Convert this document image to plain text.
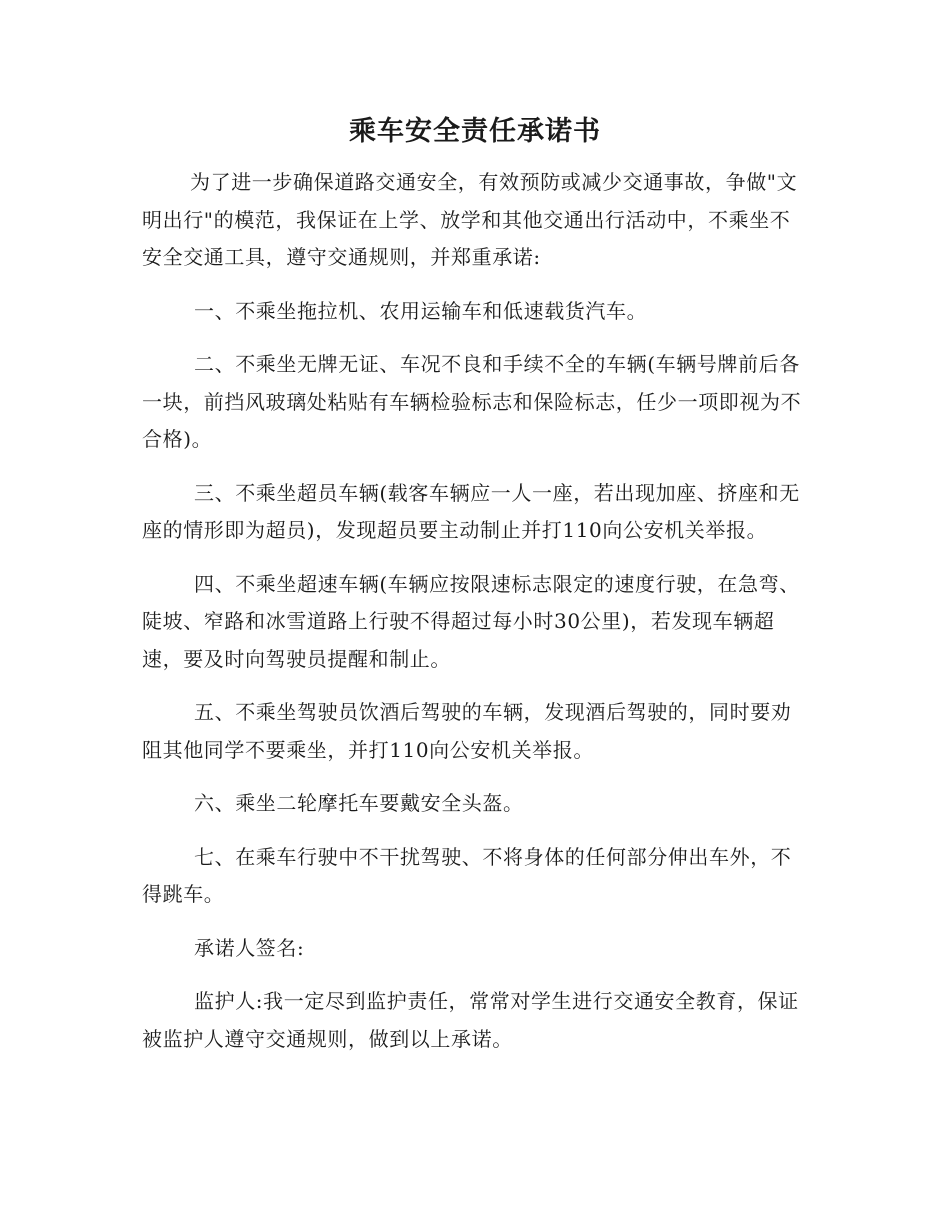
乘车安全责任承诺书

为了进一步确保道路交通安全，有效预防或减少交通事故，争做"文明出行"的模范，我保证在上学、放学和其他交通出行活动中，不乘坐不安全交通工具，遵守交通规则，并郑重承诺:

一、不乘坐拖拉机、农用运输车和低速载货汽车。

二、不乘坐无牌无证、车况不良和手续不全的车辆(车辆号牌前后各一块，前挡风玻璃处粘贴有车辆检验标志和保险标志，任少一项即视为不合格)。

三、不乘坐超员车辆(载客车辆应一人一座，若出现加座、挤座和无座的情形即为超员)，发现超员要主动制止并打110向公安机关举报。

四、不乘坐超速车辆(车辆应按限速标志限定的速度行驶，在急弯、陡坡、窄路和冰雪道路上行驶不得超过每小时30公里)，若发现车辆超速，要及时向驾驶员提醒和制止。

五、不乘坐驾驶员饮酒后驾驶的车辆，发现酒后驾驶的，同时要劝阻其他同学不要乘坐，并打110向公安机关举报。

六、乘坐二轮摩托车要戴安全头盔。

七、在乘车行驶中不干扰驾驶、不将身体的任何部分伸出车外，不得跳车。

承诺人签名:

监护人:我一定尽到监护责任，常常对学生进行交通安全教育，保证被监护人遵守交通规则，做到以上承诺。
